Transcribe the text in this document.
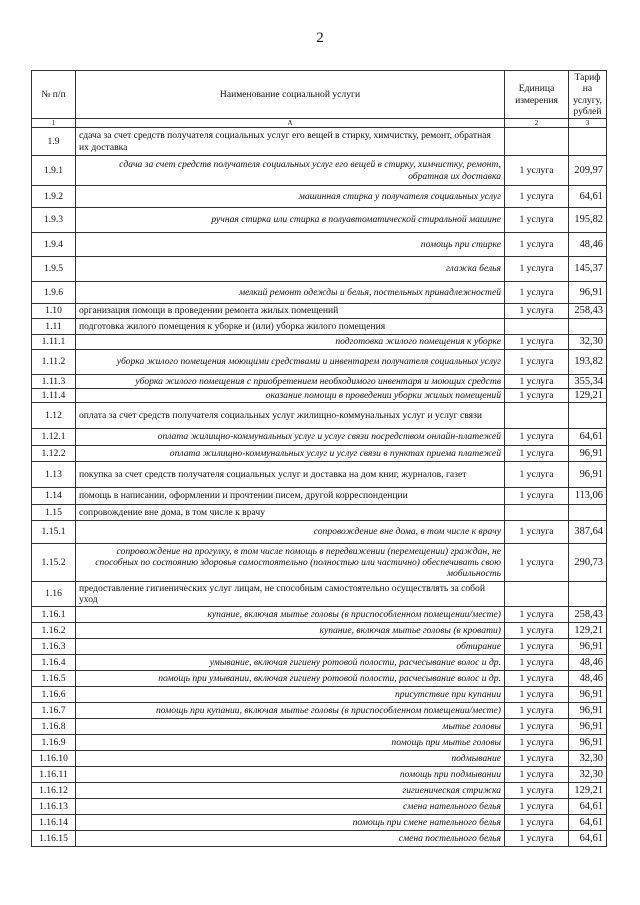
2
№ п/п	Наименование социальной услуги	Единица измерения	Тариф на услугу, рублей
1	А	2	3
1.9	сдача за счет средств получателя социальных услуг его вещей в стирку, химчистку, ремонт, обратная их доставка		
1.9.1	сдача за счет средств получателя социальных услуг его вещей в стирку, химчистку, ремонт, обратная их доставка	1 услуга	209,97
1.9.2	машинная стирка у получателя социальных услуг	1 услуга	64,61
1.9.3	ручная стирка или стирка в полуавтоматической стиральной машине	1 услуга	195,82
1.9.4	помощь при стирке	1 услуга	48,46
1.9.5	глажка белья	1 услуга	145,37
1.9.6	мелкий ремонт одежды и белья, постельных принадлежностей	1 услуга	96,91
1.10	организация помощи в проведении ремонта жилых помещений	1 услуга	258,43
1.11	подготовка жилого помещения к уборке и (или) уборка жилого помещения		
1.11.1	подготовка жилого помещения к уборке	1 услуга	32,30
1.11.2	уборка жилого помещения моющими средствами и инвентарем получателя социальных услуг	1 услуга	193,82
1.11.3	уборка жилого помещения с приобретением необходимого инвентаря и моющих средств	1 услуга	355,34
1.11.4	оказание помощи в проведении уборки жилых помещений	1 услуга	129,21
1.12	оплата за счет средств получателя социальных услуг жилищно-коммунальных услуг и услуг связи		
1.12.1	оплата жилищно-коммунальных услуг и услуг связи посредством онлайн-платежей	1 услуга	64,61
1.12.2	оплата жилищно-коммунальных услуг и услуг связи в пунктах приема платежей	1 услуга	96,91
1.13	покупка за счет средств получателя социальных услуг и доставка на дом книг, журналов, газет	1 услуга	96,91
1.14	помощь в написании, оформлении и прочтении писем, другой корреспонденции	1 услуга	113,06
1.15	сопровождение вне дома, в том числе к врачу		
1.15.1	сопровождение вне дома, в том числе к врачу	1 услуга	387,64
1.15.2	сопровождение на прогулку, в том числе помощь в передвижении (перемещении) граждан, не способных по состоянию здоровья самостоятельно (полностью или частично) обеспечивать свою мобильность	1 услуга	290,73
1.16	предоставление гигиенических услуг лицам, не способным самостоятельно осуществлять за собой уход		
1.16.1	купание, включая мытье головы (в приспособленном помещении/месте)	1 услуга	258,43
1.16.2	купание, включая мытье головы (в кровати)	1 услуга	129,21
1.16.3	обтирание	1 услуга	96,91
1.16.4	умывание, включая гигиену ротовой полости, расчесывание волос и др.	1 услуга	48,46
1.16.5	помощь при умывании, включая гигиену ротовой полости, расчесывание волос и др.	1 услуга	48,46
1.16.6	присутствие при купании	1 услуга	96,91
1.16.7	помощь при купании, включая мытье головы (в приспособленном помещении/месте)	1 услуга	96,91
1.16.8	мытье головы	1 услуга	96,91
1.16.9	помощь при мытье головы	1 услуга	96,91
1.16.10	подмывание	1 услуга	32,30
1.16.11	помощь при подмывании	1 услуга	32,30
1.16.12	гигиеническая стрижка	1 услуга	129,21
1.16.13	смена нательного белья	1 услуга	64,61
1.16.14	помощь при смене нательного белья	1 услуга	64,61
1.16.15	смена постельного белья	1 услуга	64,61
